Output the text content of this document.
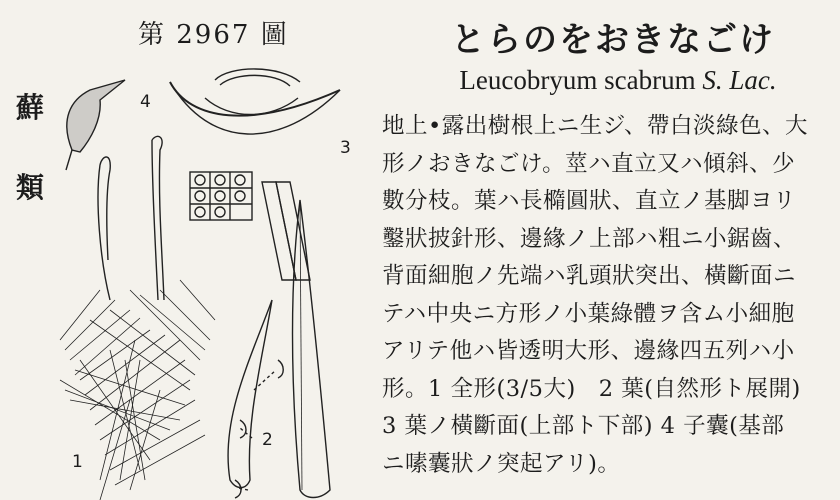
第 2967 圖
蘚
類
1
2
3
4
とらのをおきなごけ
Leucobryum scabrum S. Lac.
地上•露出樹根上ニ生ジ、帶白淡綠色、大
形ノおきなごけ。莖ハ直立又ハ傾斜、少
數分枝。葉ハ長橢圓狀、直立ノ基脚ヨリ
鑿狀披針形、邊緣ノ上部ハ粗ニ小鋸齒、
背面細胞ノ先端ハ乳頭狀突出、橫斷面ニ
テハ中央ニ方形ノ小葉綠體ヲ含ム小細胞
アリテ他ハ皆透明大形、邊緣四五列ハ小
形。1 全形(3/5大)　2 葉(自然形ト展開)
3 葉ノ橫斷面(上部ト下部) 4 子囊(基部
ニ嗉囊狀ノ突起アリ)。
